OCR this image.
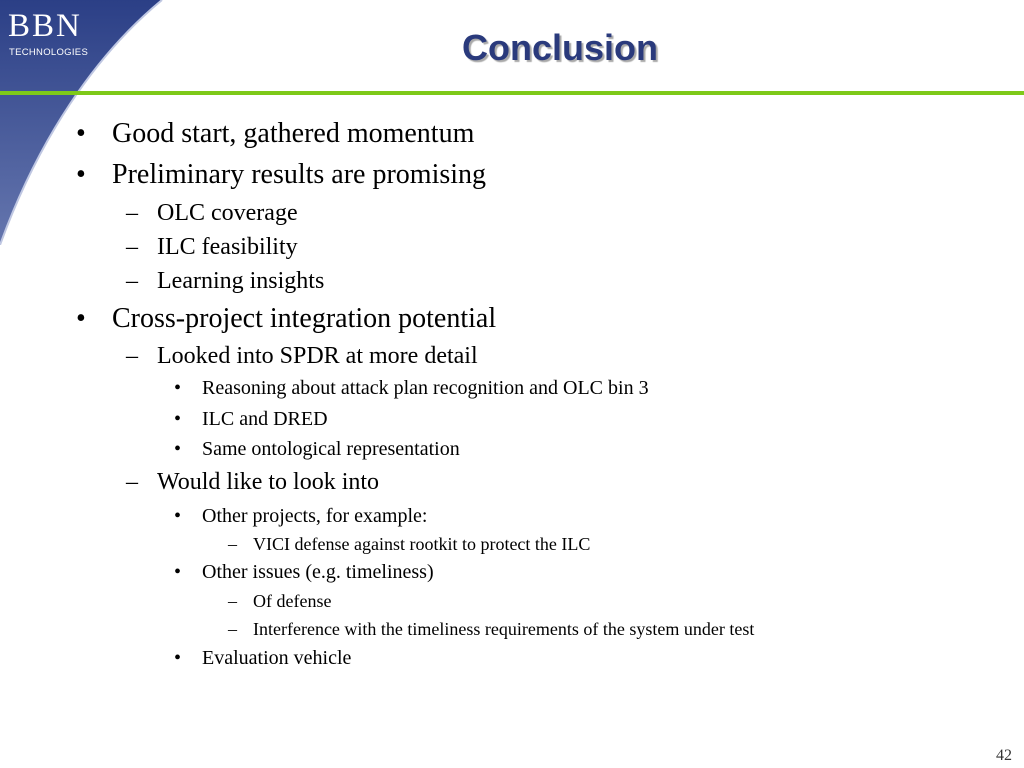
BBN
TECHNOLOGIES	Conclusion
• Good start, gathered momentum
• Preliminary results are promising
– OLC coverage
– ILC feasibility
– Learning insights
• Cross-project integration potential
– Looked into SPDR at more detail
• Reasoning about attack plan recognition and OLC bin 3
• ILC and DRED
• Same ontological representation
– Would like to look into
• Other projects, for example:
– VICI defense against rootkit to protect the ILC
• Other issues (e.g. timeliness)
– Of defense
– Interference with the timeliness requirements of the system under test
• Evaluation vehicle
42
